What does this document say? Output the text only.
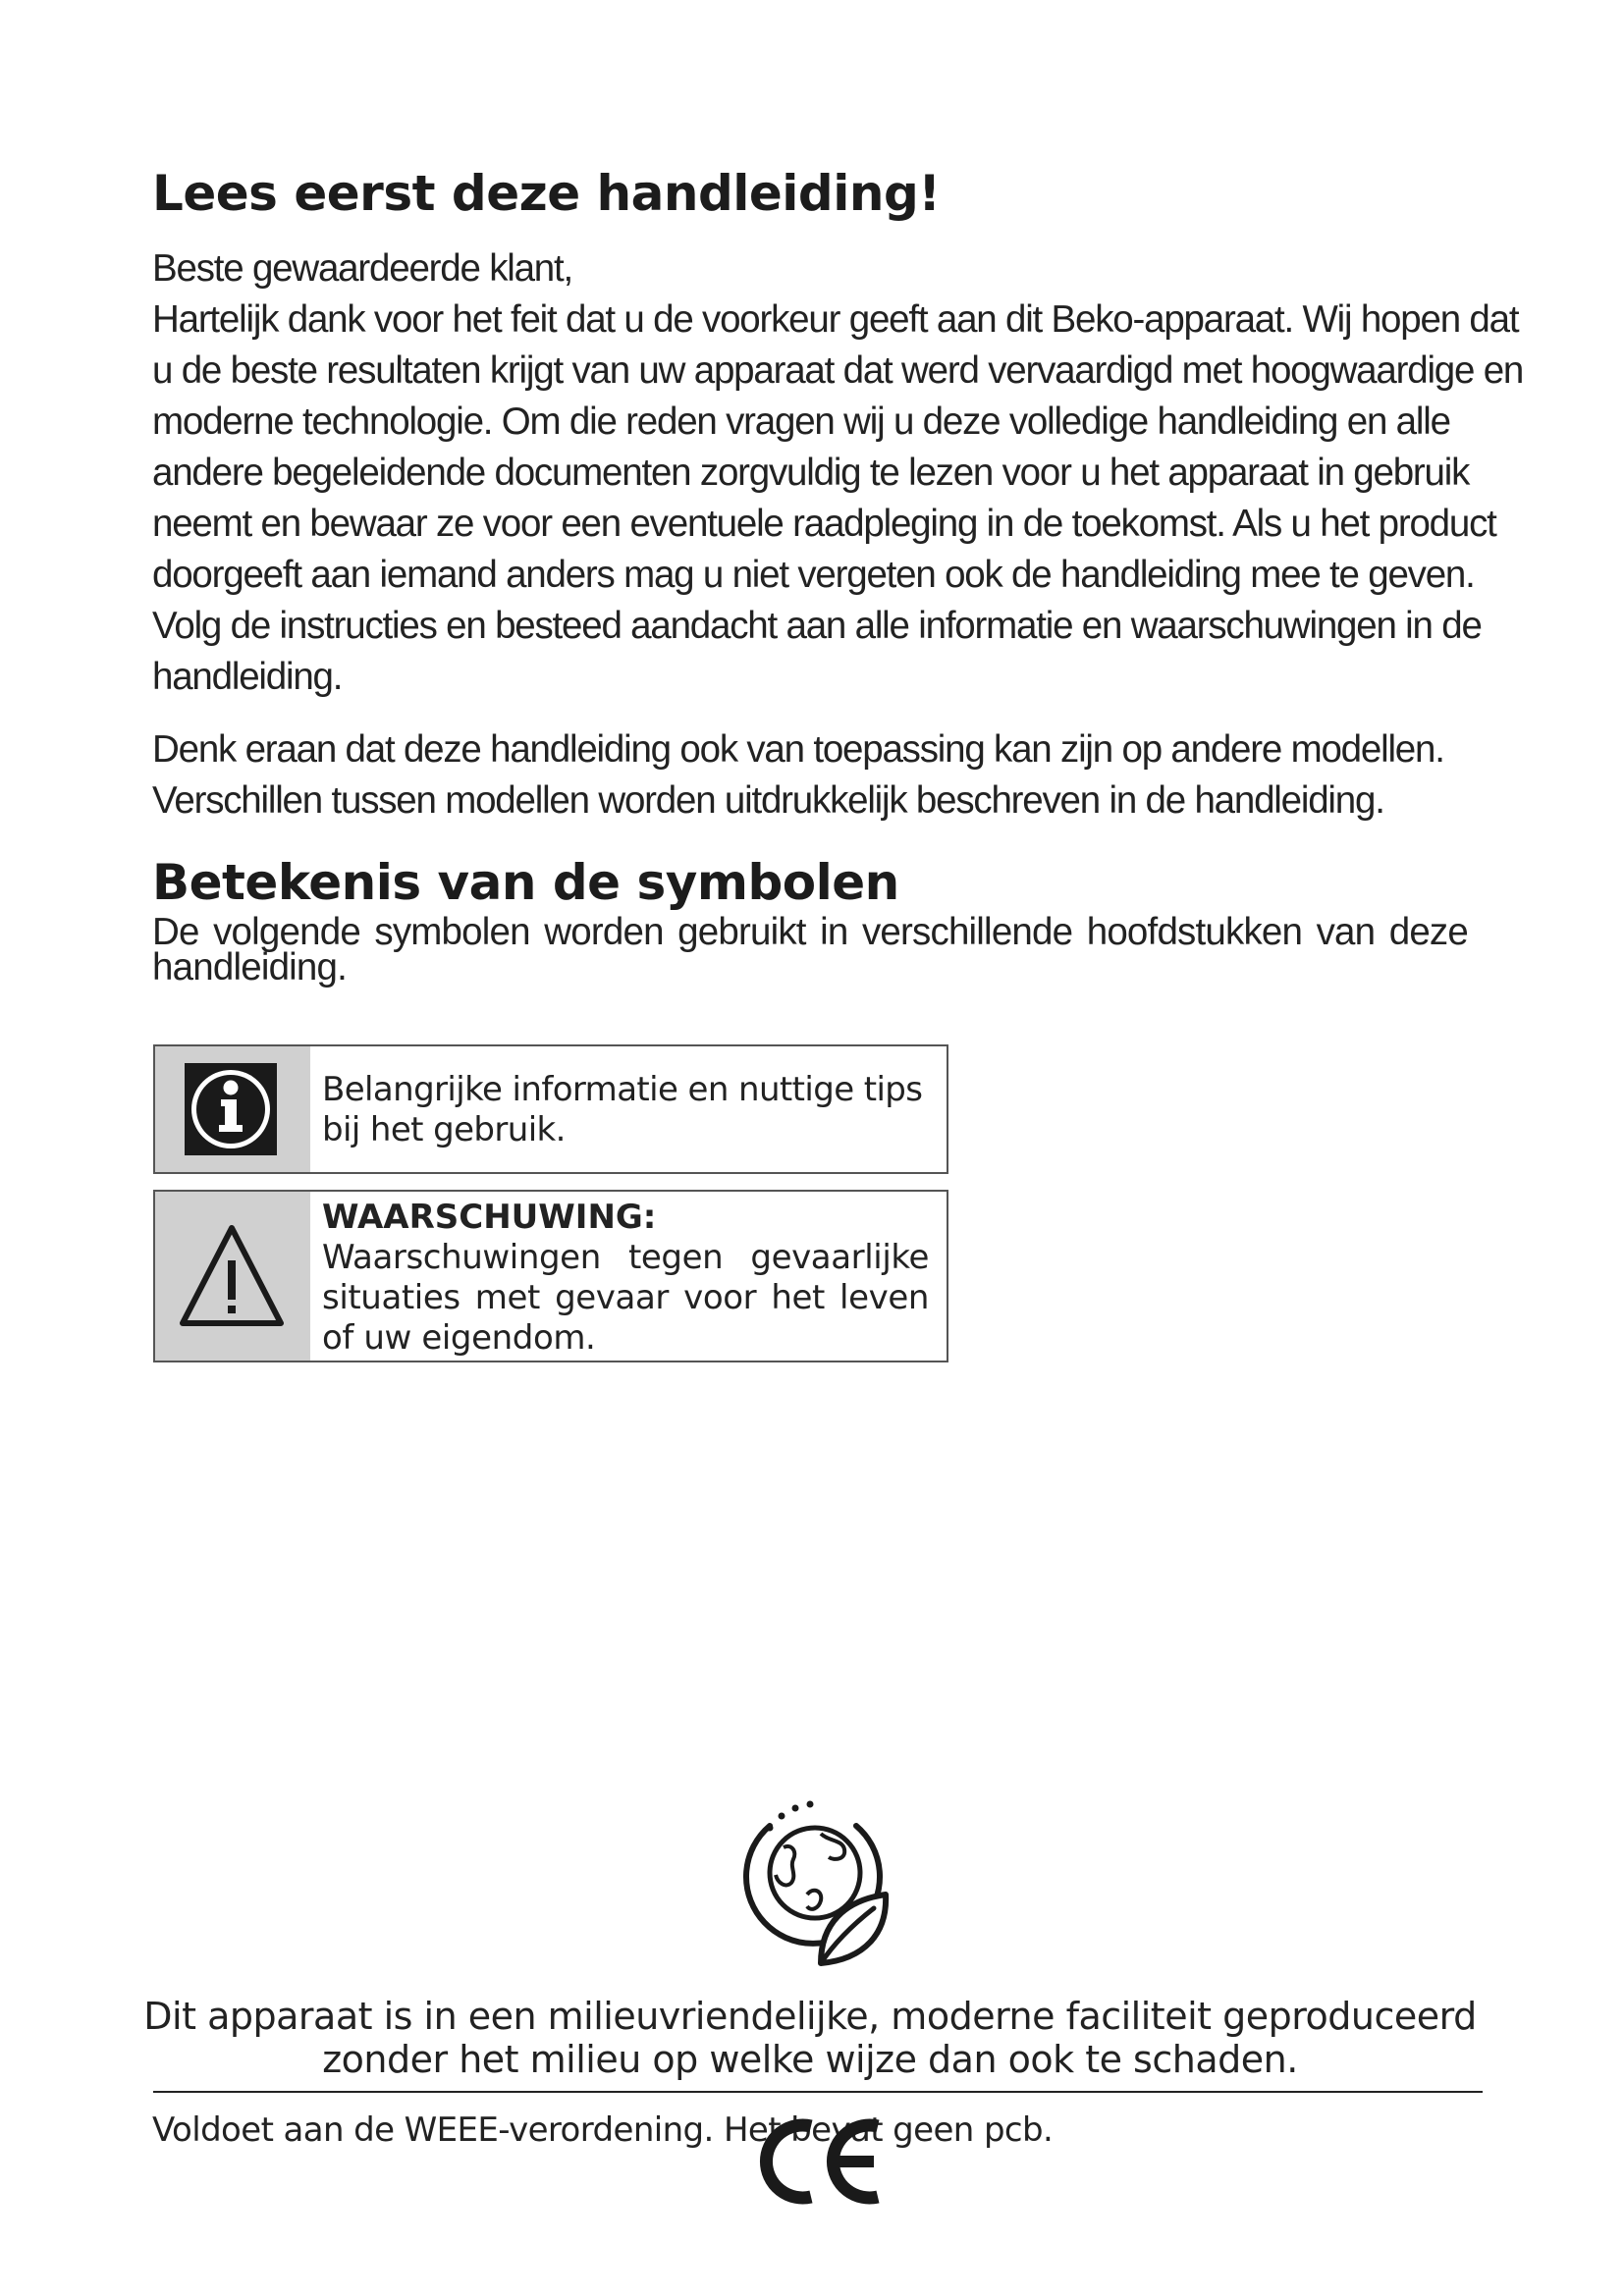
Lees eerst deze handleiding!

Beste gewaardeerde klant,

Hartelijk dank voor het feit dat u de voorkeur geeft aan dit Beko-apparaat. Wij hopen dat u de beste resultaten krijgt van uw apparaat dat werd vervaardigd met hoogwaardige en moderne technologie. Om die reden vragen wij u deze volledige handleiding en alle andere begeleidende documenten zorgvuldig te lezen voor u het apparaat in gebruik neemt en bewaar ze voor een eventuele raadpleging in de toekomst. Als u het product doorgeeft aan iemand anders mag u niet vergeten ook de handleiding mee te geven. Volg de instructies en besteed aandacht aan alle informatie en waarschuwingen in de handleiding.

Denk eraan dat deze handleiding ook van toepassing kan zijn op andere modellen. Verschillen tussen modellen worden uitdrukkelijk beschreven in de handleiding.

Betekenis van de symbolen
De volgende symbolen worden gebruikt in verschillende hoofdstukken van deze handleiding.
Belangrijke informatie en nuttige tips bij het gebruik.
WAARSCHUWING: Waarschuwingen tegen gevaarlijke situaties met gevaar voor het leven of uw eigendom.
Dit apparaat is in een milieuvriendelijke, moderne faciliteit geproduceerd zonder het milieu op welke wijze dan ook te schaden.
Voldoet aan de WEEE-verordening. Het bevat geen pcb.
